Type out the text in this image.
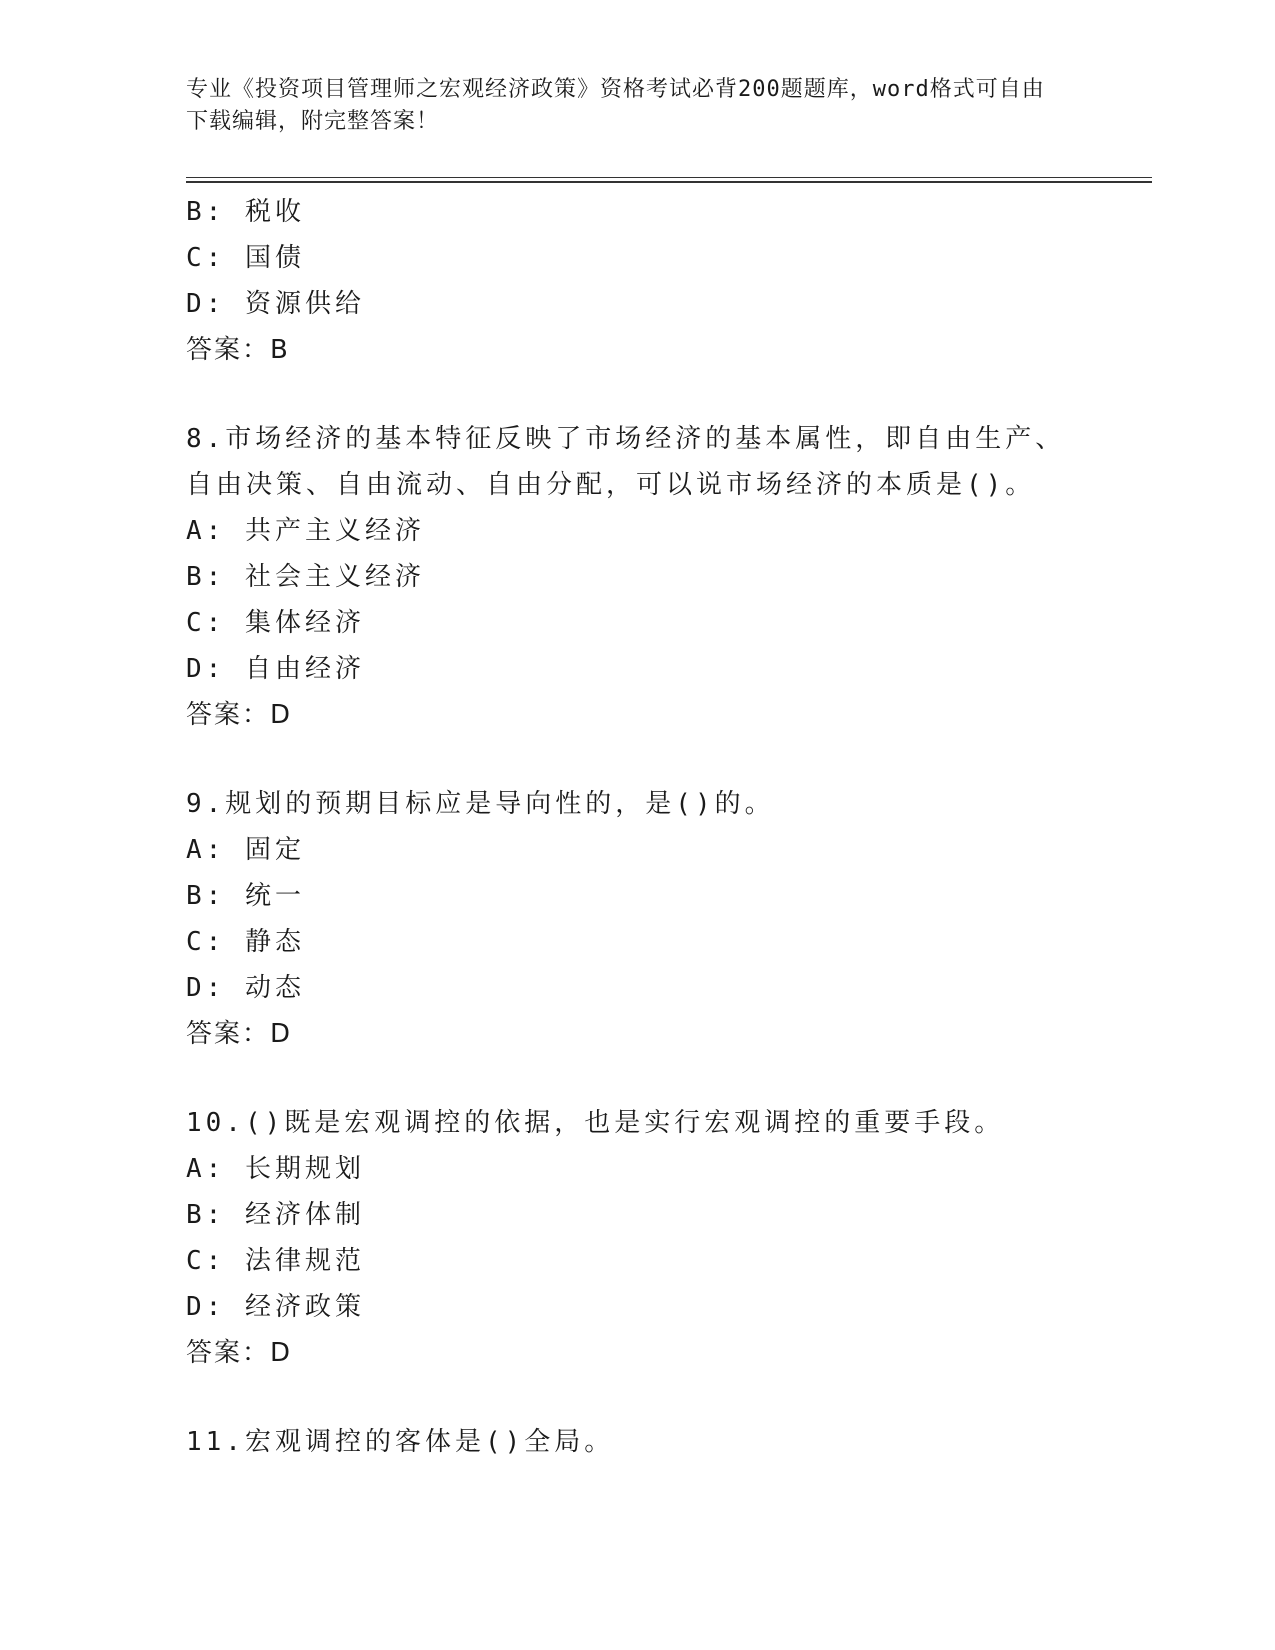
专业《投资项目管理师之宏观经济政策》资格考试必背200题题库，word格式可自由下载编辑，附完整答案！
B: 税收
C: 国债
D: 资源供给
答案：B
8.市场经济的基本特征反映了市场经济的基本属性，即自由生产、自由决策、自由流动、自由分配，可以说市场经济的本质是()。
A: 共产主义经济
B: 社会主义经济
C: 集体经济
D: 自由经济
答案：D
9.规划的预期目标应是导向性的，是()的。
A: 固定
B: 统一
C: 静态
D: 动态
答案：D
10.()既是宏观调控的依据，也是实行宏观调控的重要手段。
A: 长期规划
B: 经济体制
C: 法律规范
D: 经济政策
答案：D
11.宏观调控的客体是()全局。
